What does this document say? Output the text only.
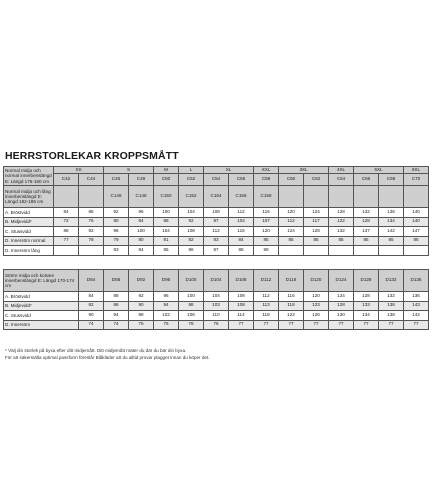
HERRSTORLEKAR KROPPSMÅTT
Normal midja och normal innerbenslängd E: Längd 176-180 cm	XS		S		M	L	XL		XXL	3XL		4XL	5XL		6XL
	C42	C44	C46	C48	C50	C52	C54	C56	C58	C60	C62	C64	C66	C68	C70
Normal midja och lång innerbenslängd E: Längd 182-186 cm			C146	C148	C150	C152	C154	C156	C158						
A. Bröstvidd	84	88	92	96	100	104	108	112	116	120	124	128	132	136	140
B. Midjevidd*	72	76	80	84	88	92	97	102	107	112	117	122	128	134	140
C. Stussvidd	88	92	96	100	104	108	112	116	120	124	128	132	137	142	147
D. Innersöm normal	77	78	79	80	81	82	83	84	85	85	85	85	85	85	85
D. Innersöm lång			83	84	85	86	87	88	89						
Större midja och kortare innerbenslängd E: Längd 170-174 cm	D84	D88	D92	D96	D100	D104	D108	D112	D116	D120	D124	D128	D132	D136
A. Bröstvidd	84	88	92	96	100	104	108	112	116	120	124	128	132	136
B. Midjevidd*	82	86	90	94	98	103	108	113	118	123	128	133	138	143
C. Stussvidd	90	94	98	102	106	110	114	118	122	126	130	134	138	142
D. Innersöm	74	74	75	75	76	76	77	77	77	77	77	77	77	77
* Välj din storlek på byxa efter ditt midjemått. Ditt midjemått mäter du där du bär din byxa.
För att säkerställa optimal passform föreslår Blåkläder att du alltid provar plagget innan du köper det.
